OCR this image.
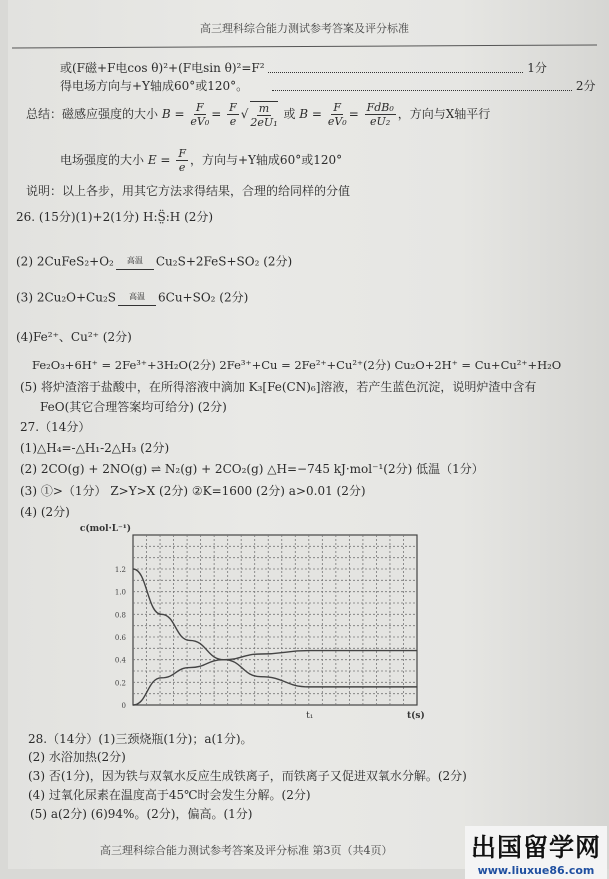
高三理科综合能力测试参考答案及评分标准
或(F磁+F电cos θ)²+(F电sin θ)²=F²	1分
得电场方向与+Y轴成60°或120°。	2分
总结：磁感应强度的大小 $B = \frac{F}{\text{eV₀}} = \frac{F}{e}$ √ $\frac{m}{\text{2eU₁}}$ 或 $B = \frac{F}{\text{eV₀}} = \frac{\text{FdB₀}}{\text{eU₂}}$ ，方向与X轴平行
电场强度的大小 $E = \frac{F}{e}$ ，方向与+Y轴成60°或120°
说明：以上各步，用其它方法求得结果，合理的给同样的分值
26. (15分)(1)+2(1分) H:S̤̈:H (2分)
(2) 2CuFeS₂+O₂ 高温 Cu₂S+2FeS+SO₂ (2分)
(3) 2Cu₂O+Cu₂S 高温 6Cu+SO₂ (2分)
(4)Fe²⁺、Cu²⁺ (2分)
Fe₂O₃+6H⁺ = 2Fe³⁺+3H₂O(2分) 2Fe³⁺+Cu = 2Fe²⁺+Cu²⁺(2分) Cu₂O+2H⁺ = Cu+Cu²⁺+H₂O
(5) 将炉渣溶于盐酸中，在所得溶液中滴加 K₃[Fe(CN)₆]溶液，若产生蓝色沉淀，说明炉渣中含有
FeO(其它合理答案均可给分) (2分)
27.（14分）
(1)△H₄=-△H₁-2△H₃ (2分)
(2) 2CO(g) + 2NO(g) ⇌ N₂(g) + 2CO₂(g) △H=−745 kJ·mol⁻¹(2分) 低温（1分）
(3) ①>（1分） Z>Y>X (2分) ②K=1600 (2分) a>0.01 (2分)
(4) (2分)
0
0.2
0.4
0.6
0.8
1.0
1.2
c(mol·L⁻¹)
t(s)
t₁
28.（14分）(1)三颈烧瓶(1分)；a(1分)。
(2) 水浴加热(2分)
(3) 否(1分)，因为铁与双氧水反应生成铁离子，而铁离子又促进双氧水分解。(2分)
(4) 过氧化尿素在温度高于45℃时会发生分解。(2分)
(5) a(2分) (6)94%。(2分)，偏高。(1分)
高三理科综合能力测试参考答案及评分标准 第3页（共4页）	出国留学网
www.liuxue86.com
